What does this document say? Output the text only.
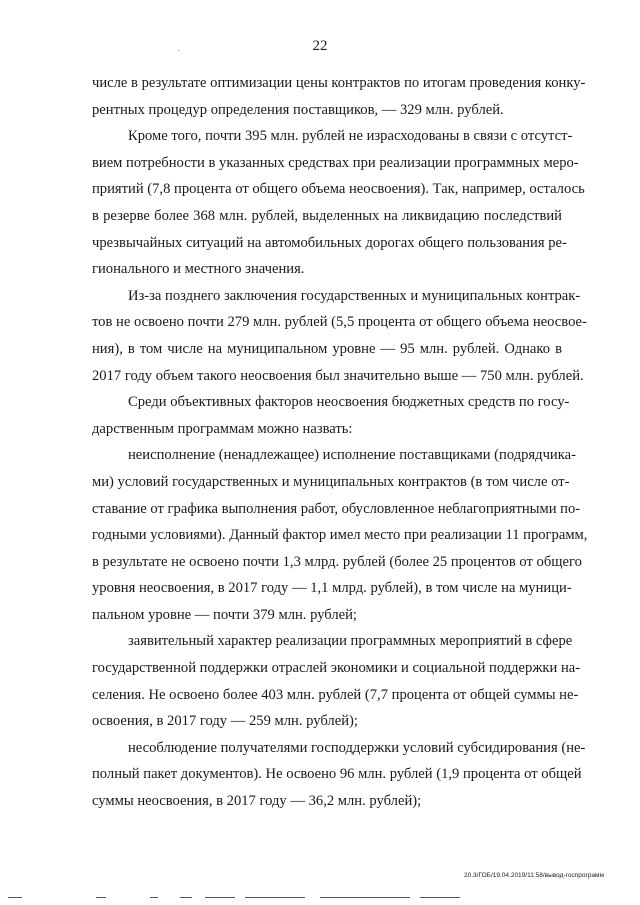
22
числе в результате оптимизации цены контрактов по итогам проведения конку-
рентных процедур определения поставщиков, — 329 млн. рублей.
Кроме того, почти 395 млн. рублей не израсходованы в связи с отсутст-
вием потребности в указанных средствах при реализации программных меро-
приятий (7,8 процента от общего объема неосвоения). Так, например, осталось
в резерве более 368 млн. рублей, выделенных на ликвидацию последствий
чрезвычайных ситуаций на автомобильных дорогах общего пользования ре-
гионального и местного значения.
Из-за позднего заключения государственных и муниципальных контрак-
тов не освоено почти 279 млн. рублей (5,5 процента от общего объема неосвое-
ния), в том числе на муниципальном уровне — 95 млн. рублей. Однако в
2017 году объем такого неосвоения был значительно выше — 750 млн. рублей.
Среди объективных факторов неосвоения бюджетных средств по госу-
дарственным программам можно назвать:
неисполнение (ненадлежащее) исполнение поставщиками (подрядчика-
ми) условий государственных и муниципальных контрактов (в том числе от-
ставание от графика выполнения работ, обусловленное неблагоприятными по-
годными условиями). Данный фактор имел место при реализации 11 программ,
в результате не освоено почти 1,3 млрд. рублей (более 25 процентов от общего
уровня неосвоения, в 2017 году — 1,1 млрд. рублей), в том числе на муници-
пальном уровне — почти 379 млн. рублей;
заявительный характер реализации программных мероприятий в сфере
государственной поддержки отраслей экономики и социальной поддержки на-
селения. Не освоено более 403 млн. рублей (7,7 процента от общей суммы не-
освоения, в 2017 году — 259 млн. рублей);
несоблюдение получателями господдержки условий субсидирования (не-
полный пакет документов). Не освоено 96 млн. рублей (1,9 процента от общей
суммы неосвоения, в 2017 году — 36,2 млн. рублей);
20.3/ГОБ/19.04.2019/11:58/вывод-госпрограмм
